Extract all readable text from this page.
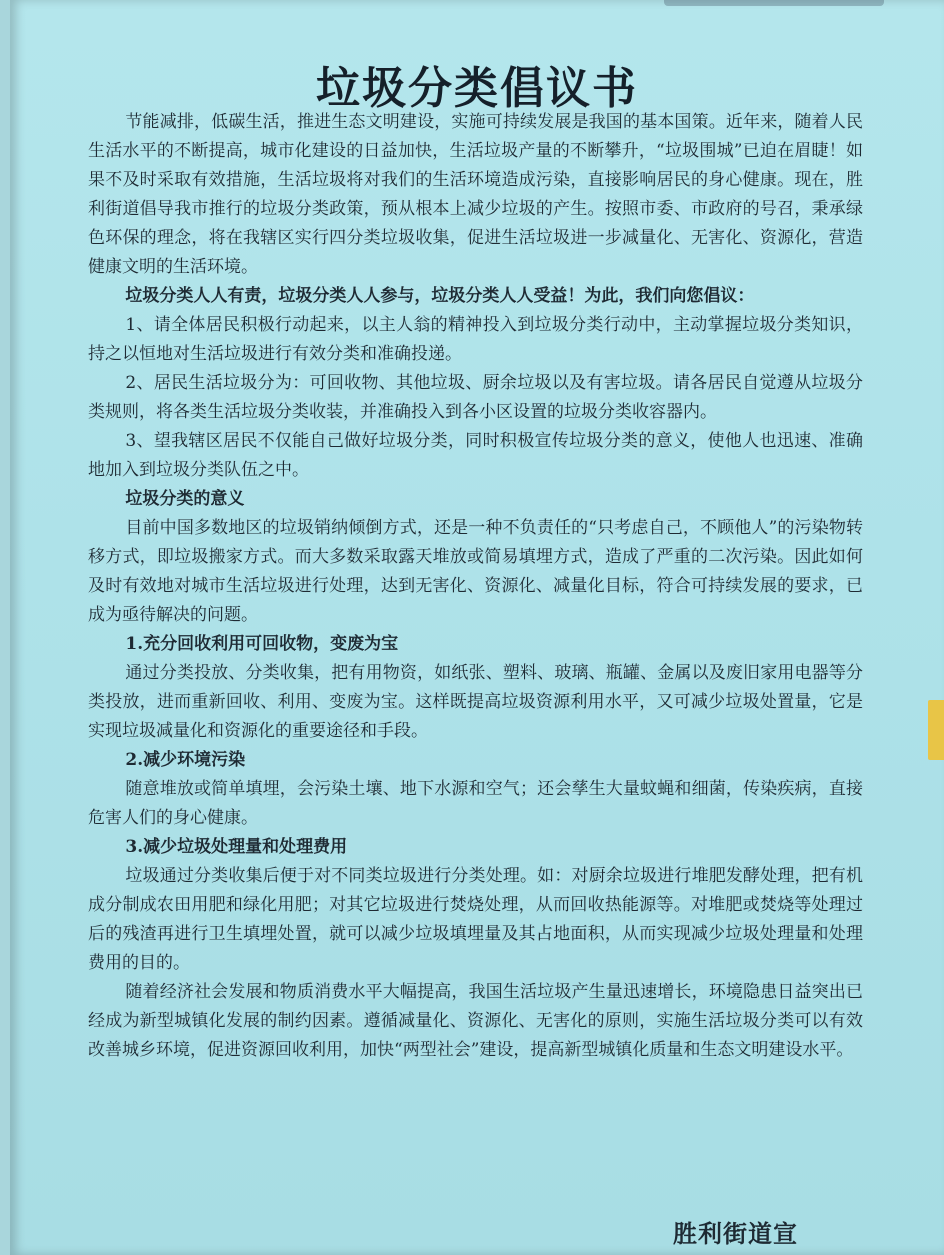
垃圾分类倡议书

节能减排，低碳生活，推进生态文明建设，实施可持续发展是我国的基本国策。近年来，随着人民生活水平的不断提高，城市化建设的日益加快，生活垃圾产量的不断攀升，“垃圾围城”已迫在眉睫！如果不及时采取有效措施，生活垃圾将对我们的生活环境造成污染，直接影响居民的身心健康。现在，胜利街道倡导我市推行的垃圾分类政策，预从根本上减少垃圾的产生。按照市委、市政府的号召，秉承绿色环保的理念，将在我辖区实行四分类垃圾收集，促进生活垃圾进一步减量化、无害化、资源化，营造健康文明的生活环境。

垃圾分类人人有责，垃圾分类人人参与，垃圾分类人人受益！为此，我们向您倡议：

1、请全体居民积极行动起来，以主人翁的精神投入到垃圾分类行动中，主动掌握垃圾分类知识，持之以恒地对生活垃圾进行有效分类和准确投递。

2、居民生活垃圾分为：可回收物、其他垃圾、厨余垃圾以及有害垃圾。请各居民自觉遵从垃圾分类规则，将各类生活垃圾分类收装，并准确投入到各小区设置的垃圾分类收容器内。

3、望我辖区居民不仅能自己做好垃圾分类，同时积极宣传垃圾分类的意义，使他人也迅速、准确地加入到垃圾分类队伍之中。

垃圾分类的意义

目前中国多数地区的垃圾销纳倾倒方式，还是一种不负责任的“只考虑自己，不顾他人”的污染物转移方式，即垃圾搬家方式。而大多数采取露天堆放或简易填埋方式，造成了严重的二次污染。因此如何及时有效地对城市生活垃圾进行处理，达到无害化、资源化、减量化目标，符合可持续发展的要求，已成为亟待解决的问题。

1.充分回收利用可回收物，变废为宝

通过分类投放、分类收集，把有用物资，如纸张、塑料、玻璃、瓶罐、金属以及废旧家用电器等分类投放，进而重新回收、利用、变废为宝。这样既提高垃圾资源利用水平，又可减少垃圾处置量，它是实现垃圾减量化和资源化的重要途径和手段。

2.减少环境污染

随意堆放或简单填埋，会污染土壤、地下水源和空气；还会孳生大量蚊蝇和细菌，传染疾病，直接危害人们的身心健康。

3.减少垃圾处理量和处理费用

垃圾通过分类收集后便于对不同类垃圾进行分类处理。如：对厨余垃圾进行堆肥发酵处理，把有机成分制成农田用肥和绿化用肥；对其它垃圾进行焚烧处理，从而回收热能源等。对堆肥或焚烧等处理过后的残渣再进行卫生填埋处置，就可以减少垃圾填埋量及其占地面积，从而实现减少垃圾处理量和处理费用的目的。

随着经济社会发展和物质消费水平大幅提高，我国生活垃圾产生量迅速增长，环境隐患日益突出已经成为新型城镇化发展的制约因素。遵循减量化、资源化、无害化的原则，实施生活垃圾分类可以有效改善城乡环境，促进资源回收利用，加快“两型社会”建设，提高新型城镇化质量和生态文明建设水平。

胜利街道宣
